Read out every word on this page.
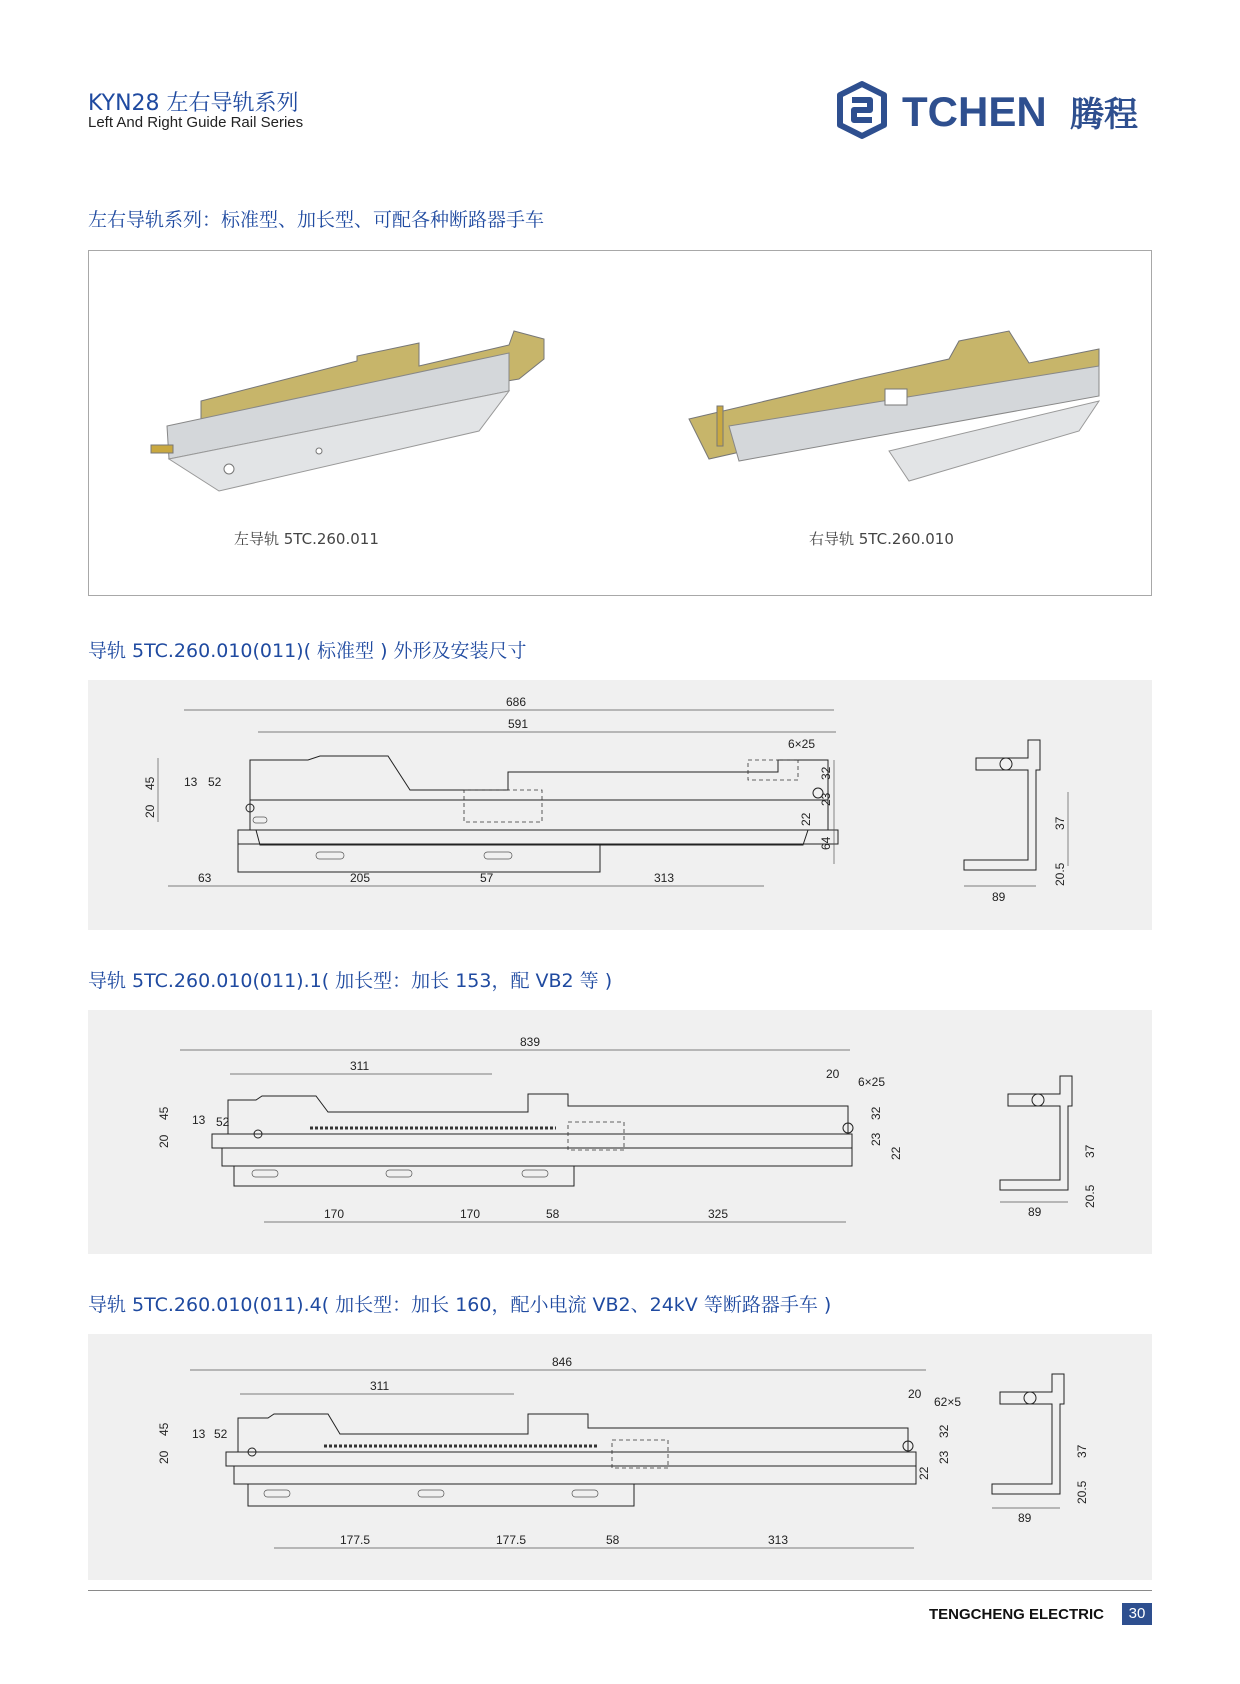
KYN28 左右导轨系列
Left And Right Guide Rail Series	TCHEN 腾程
左右导轨系列：标准型、加长型、可配各种断路器手车
左导轨 5TC.260.011	右导轨 5TC.260.010
导轨 5TC.260.010(011)( 标准型 ) 外形及安装尺寸
686
591
6×25
45
20
13 52
32
23
22
64
63	205	57	313
37
20.5
89
导轨 5TC.260.010(011).1( 加长型：加长 153，配 VB2 等 )
839
311
20
6×25
45
20
13 52
32
23
22
170	170	58	325
37
20.5
89
导轨 5TC.260.010(011).4( 加长型：加长 160，配小电流 VB2、24kV 等断路器手车 )
846
311
20
62×5
45
20
13 52	32
23
22
177.5	177.5	58	313
37
20.5
89
TENGCHENG ELECTRIC	30
